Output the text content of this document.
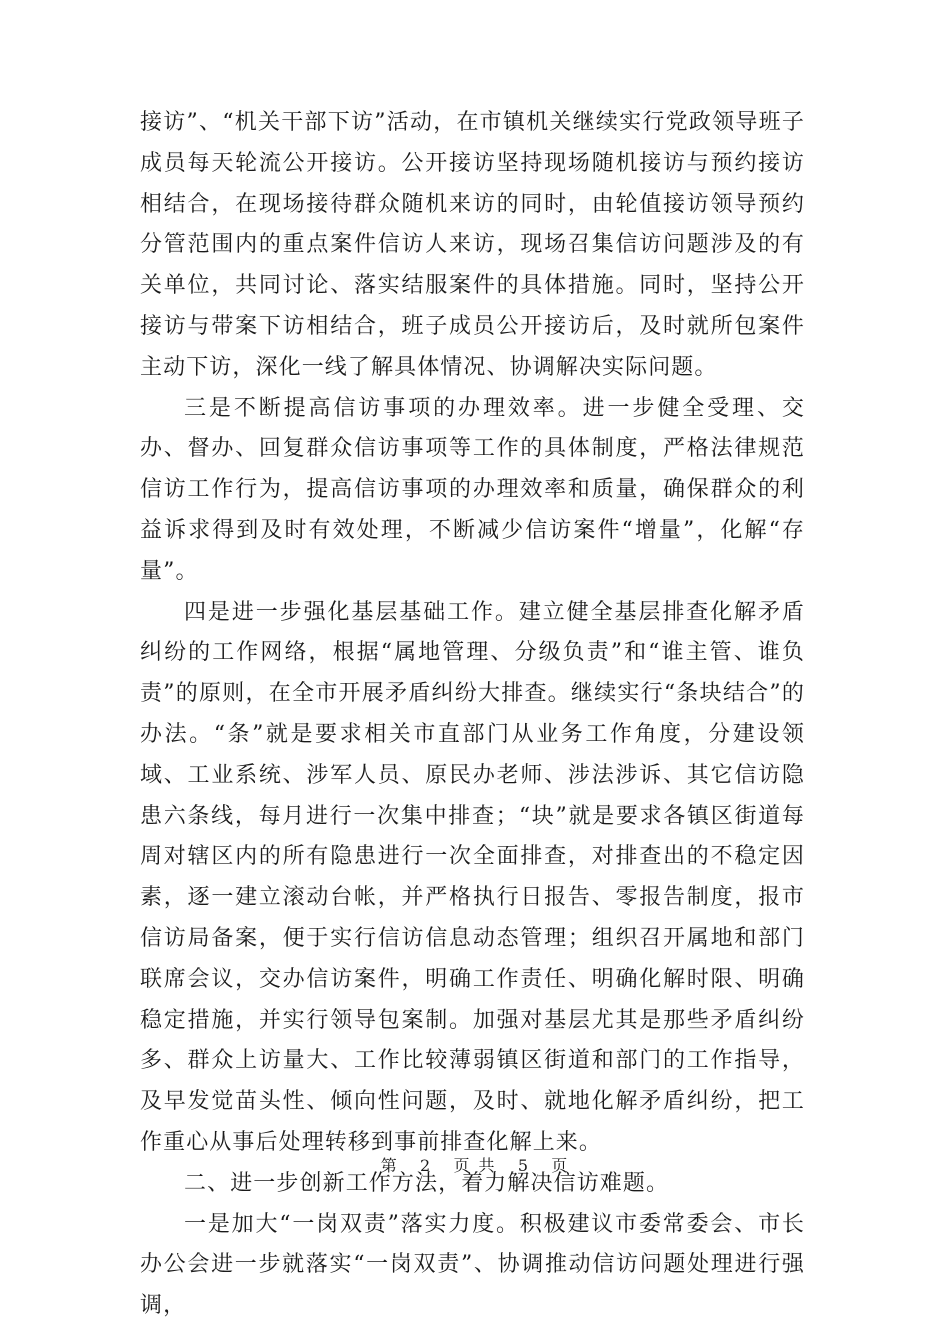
接访”、“机关干部下访”活动，在市镇机关继续实行党政领导班子成员每天轮流公开接访。公开接访坚持现场随机接访与预约接访相结合，在现场接待群众随机来访的同时，由轮值接访领导预约分管范围内的重点案件信访人来访，现场召集信访问题涉及的有关单位，共同讨论、落实结服案件的具体措施。同时，坚持公开接访与带案下访相结合，班子成员公开接访后，及时就所包案件主动下访，深化一线了解具体情况、协调解决实际问题。

三是不断提高信访事项的办理效率。进一步健全受理、交办、督办、回复群众信访事项等工作的具体制度，严格法律规范信访工作行为，提高信访事项的办理效率和质量，确保群众的利益诉求得到及时有效处理，不断减少信访案件“增量”，化解“存量”。

四是进一步强化基层基础工作。建立健全基层排查化解矛盾纠纷的工作网络，根据“属地管理、分级负责”和“谁主管、谁负责”的原则，在全市开展矛盾纠纷大排查。继续实行“条块结合”的办法。“条”就是要求相关市直部门从业务工作角度，分建设领域、工业系统、涉军人员、原民办老师、涉法涉诉、其它信访隐患六条线，每月进行一次集中排查；“块”就是要求各镇区街道每周对辖区内的所有隐患进行一次全面排查，对排查出的不稳定因素，逐一建立滚动台帐，并严格执行日报告、零报告制度，报市信访局备案，便于实行信访信息动态管理；组织召开属地和部门联席会议，交办信访案件，明确工作责任、明确化解时限、明确稳定措施，并实行领导包案制。加强对基层尤其是那些矛盾纠纷多、群众上访量大、工作比较薄弱镇区街道和部门的工作指导，及早发觉苗头性、倾向性问题，及时、就地化解矛盾纠纷，把工作重心从事后处理转移到事前排查化解上来。

二、进一步创新工作方法，着力解决信访难题。

一是加大“一岗双责”落实力度。积极建议市委常委会、市长办公会进一步就落实“一岗双责”、协调推动信访问题处理进行强调，

第 2 页 共 5 页
